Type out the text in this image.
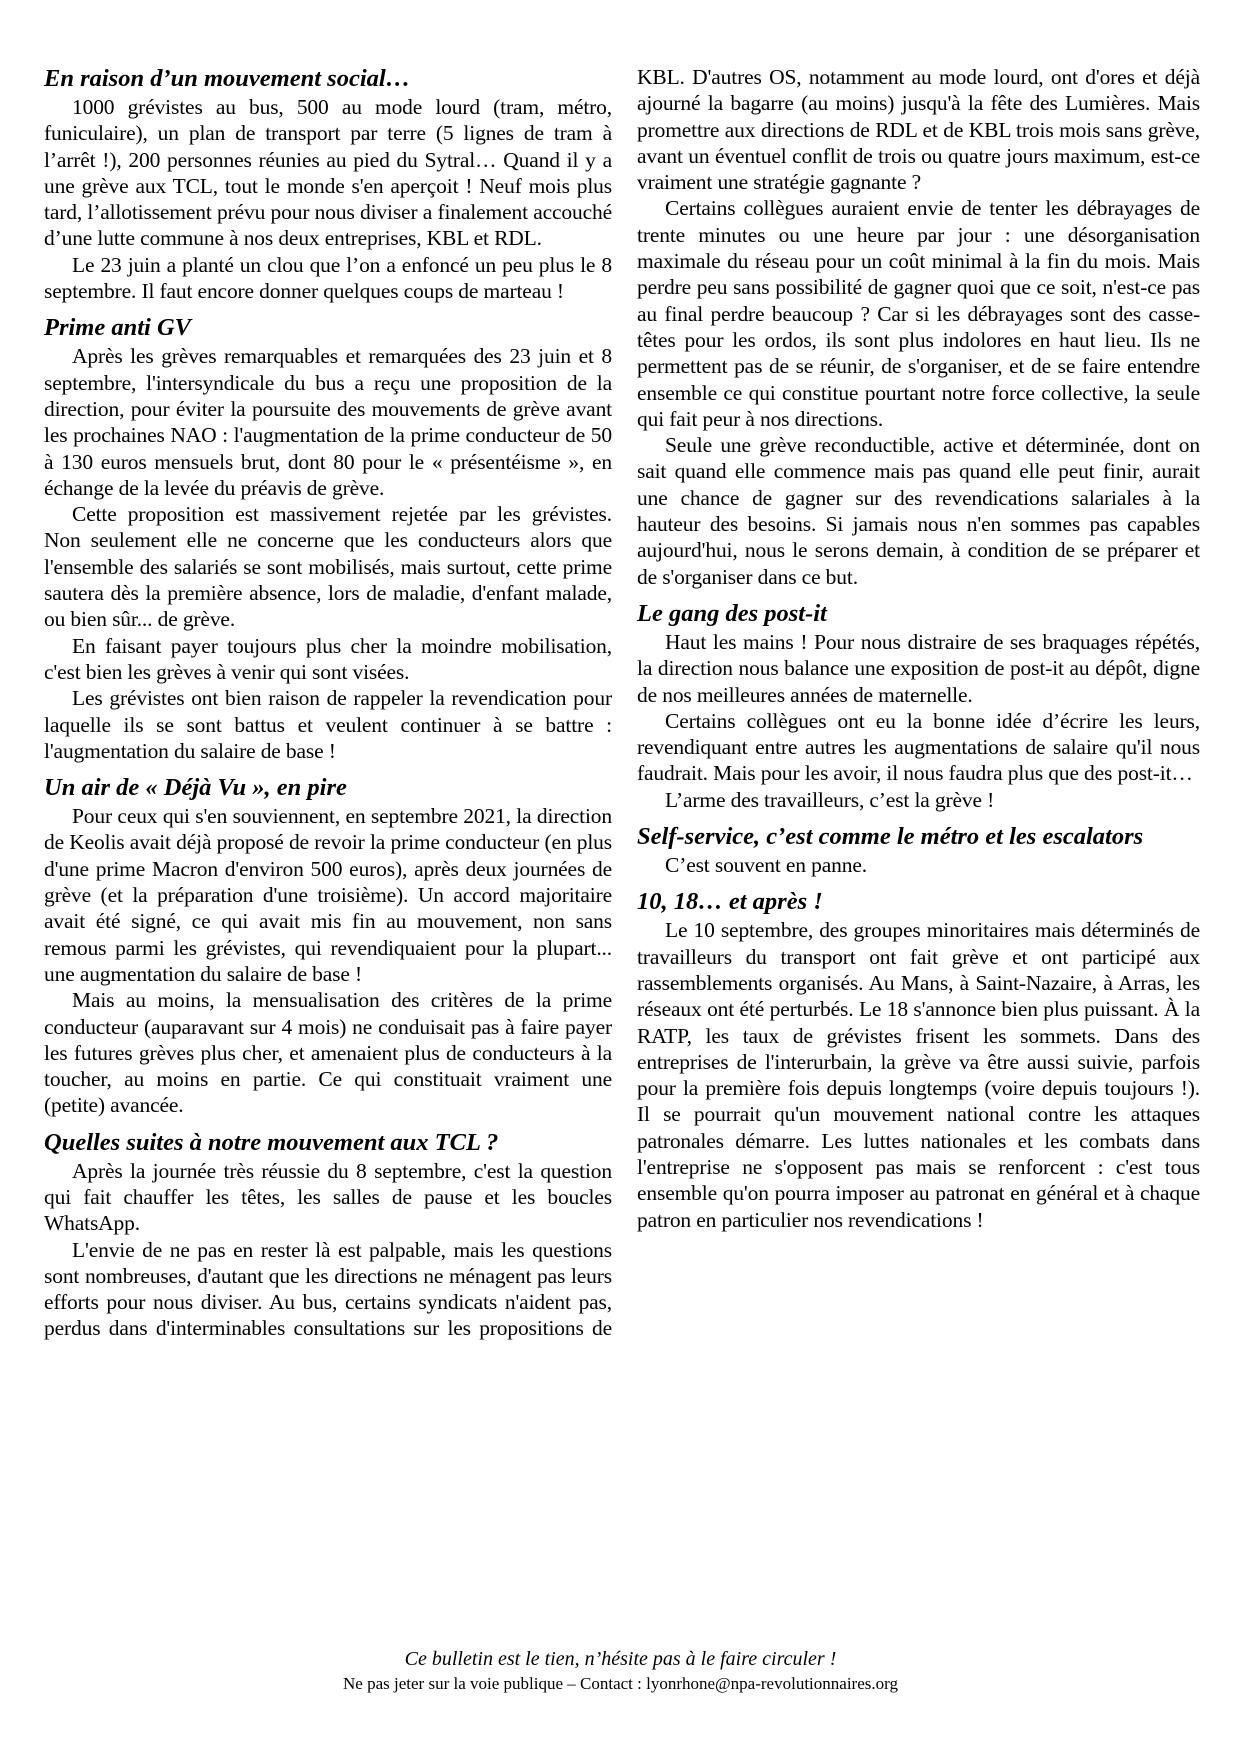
En raison d’un mouvement social…

1000 grévistes au bus, 500 au mode lourd (tram, métro, funiculaire), un plan de transport par terre (5 lignes de tram à l’arrêt !), 200 personnes réunies au pied du Sytral… Quand il y a une grève aux TCL, tout le monde s'en aperçoit ! Neuf mois plus tard, l’allotissement prévu pour nous diviser a finalement accouché d’une lutte commune à nos deux entreprises, KBL et RDL.

Le 23 juin a planté un clou que l’on a enfoncé un peu plus le 8 septembre. Il faut encore donner quelques coups de marteau !

Prime anti GV

Après les grèves remarquables et remarquées des 23 juin et 8 septembre, l'intersyndicale du bus a reçu une proposition de la direction, pour éviter la poursuite des mouvements de grève avant les prochaines NAO : l'augmentation de la prime conducteur de 50 à 130 euros mensuels brut, dont 80 pour le « présentéisme », en échange de la levée du préavis de grève.

Cette proposition est massivement rejetée par les grévistes. Non seulement elle ne concerne que les conducteurs alors que l'ensemble des salariés se sont mobilisés, mais surtout, cette prime sautera dès la première absence, lors de maladie, d'enfant malade, ou bien sûr... de grève.

En faisant payer toujours plus cher la moindre mobilisation, c'est bien les grèves à venir qui sont visées.

Les grévistes ont bien raison de rappeler la revendication pour laquelle ils se sont battus et veulent continuer à se battre : l'augmentation du salaire de base !

Un air de « Déjà Vu », en pire

Pour ceux qui s'en souviennent, en septembre 2021, la direction de Keolis avait déjà proposé de revoir la prime conducteur (en plus d'une prime Macron d'environ 500 euros), après deux journées de grève (et la préparation d'une troisième). Un accord majoritaire avait été signé, ce qui avait mis fin au mouvement, non sans remous parmi les grévistes, qui revendiquaient pour la plupart... une augmentation du salaire de base !

Mais au moins, la mensualisation des critères de la prime conducteur (auparavant sur 4 mois) ne conduisait pas à faire payer les futures grèves plus cher, et amenaient plus de conducteurs à la toucher, au moins en partie. Ce qui constituait vraiment une (petite) avancée.

Quelles suites à notre mouvement aux TCL ?

Après la journée très réussie du 8 septembre, c'est la question qui fait chauffer les têtes, les salles de pause et les boucles WhatsApp.

L'envie de ne pas en rester là est palpable, mais les questions sont nombreuses, d'autant que les directions ne ménagent pas leurs efforts pour nous diviser. Au bus, certains syndicats n'aident pas, perdus dans d'interminables consultations sur les propositions de

KBL. D'autres OS, notamment au mode lourd, ont d'ores et déjà ajourné la bagarre (au moins) jusqu'à la fête des Lumières. Mais promettre aux directions de RDL et de KBL trois mois sans grève, avant un éventuel conflit de trois ou quatre jours maximum, est-ce vraiment une stratégie gagnante ?

Certains collègues auraient envie de tenter les débrayages de trente minutes ou une heure par jour : une désorganisation maximale du réseau pour un coût minimal à la fin du mois. Mais perdre peu sans possibilité de gagner quoi que ce soit, n'est-ce pas au final perdre beaucoup ? Car si les débrayages sont des casse-têtes pour les ordos, ils sont plus indolores en haut lieu. Ils ne permettent pas de se réunir, de s'organiser, et de se faire entendre ensemble ce qui constitue pourtant notre force collective, la seule qui fait peur à nos directions.

Seule une grève reconductible, active et déterminée, dont on sait quand elle commence mais pas quand elle peut finir, aurait une chance de gagner sur des revendications salariales à la hauteur des besoins. Si jamais nous n'en sommes pas capables aujourd'hui, nous le serons demain, à condition de se préparer et de s'organiser dans ce but.

Le gang des post-it

Haut les mains ! Pour nous distraire de ses braquages répétés, la direction nous balance une exposition de post-it au dépôt, digne de nos meilleures années de maternelle.

Certains collègues ont eu la bonne idée d’écrire les leurs, revendiquant entre autres les augmentations de salaire qu'il nous faudrait. Mais pour les avoir, il nous faudra plus que des post-it…

L’arme des travailleurs, c’est la grève !

Self-service, c’est comme le métro et les escalators

C’est souvent en panne.

10, 18… et après !

Le 10 septembre, des groupes minoritaires mais déterminés de travailleurs du transport ont fait grève et ont participé aux rassemblements organisés. Au Mans, à Saint-Nazaire, à Arras, les réseaux ont été perturbés. Le 18 s'annonce bien plus puissant. À la RATP, les taux de grévistes frisent les sommets. Dans des entreprises de l'interurbain, la grève va être aussi suivie, parfois pour la première fois depuis longtemps (voire depuis toujours !). Il se pourrait qu'un mouvement national contre les attaques patronales démarre. Les luttes nationales et les combats dans l'entreprise ne s'opposent pas mais se renforcent : c'est tous ensemble qu'on pourra imposer au patronat en général et à chaque patron en particulier nos revendications !

Ce bulletin est le tien, n’hésite pas à le faire circuler !
Ne pas jeter sur la voie publique – Contact : lyonrhone@npa-revolutionnaires.org
